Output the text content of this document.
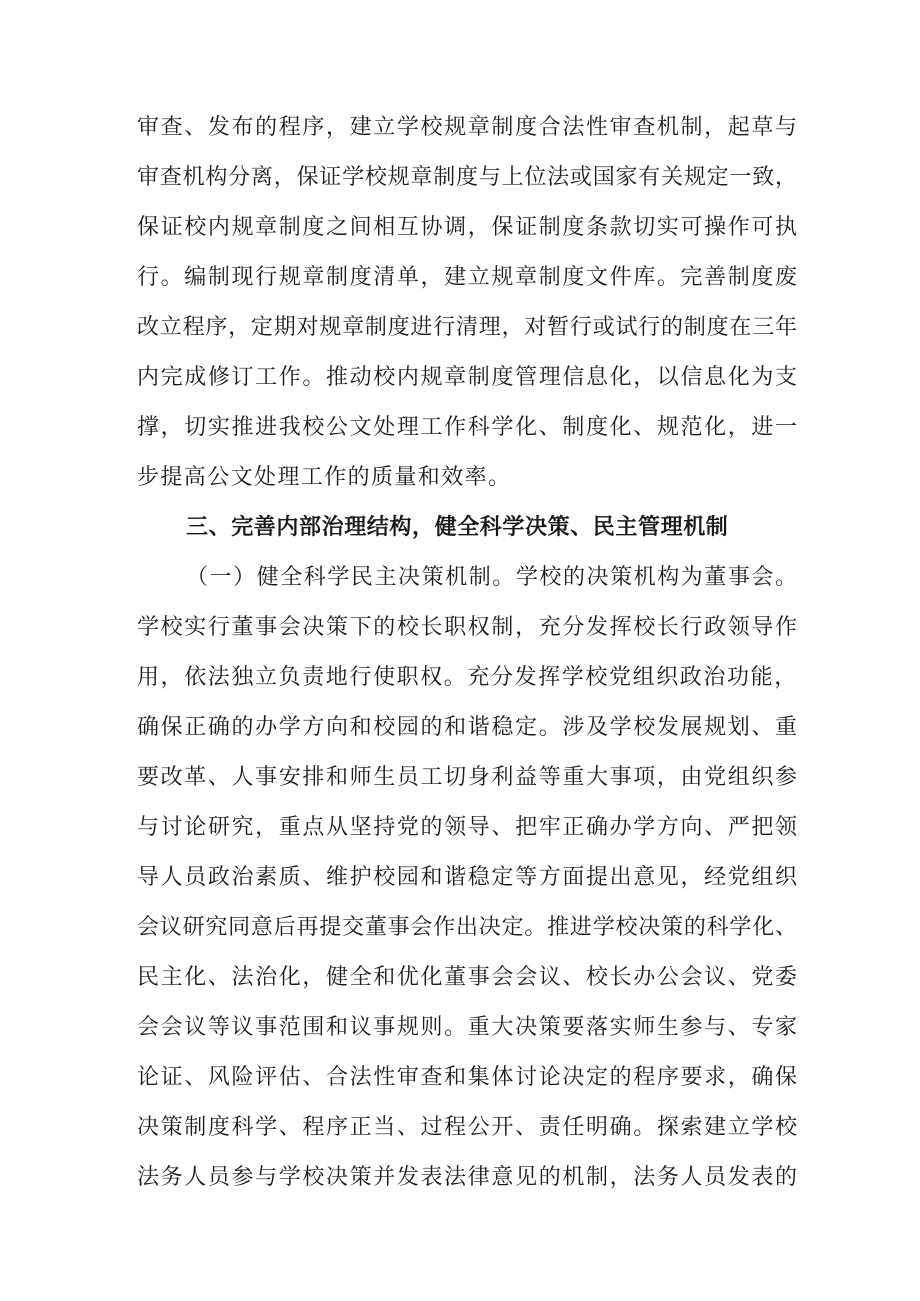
审查、发布的程序，建立学校规章制度合法性审查机制，起草与
审查机构分离，保证学校规章制度与上位法或国家有关规定一致，
保证校内规章制度之间相互协调，保证制度条款切实可操作可执
行。编制现行规章制度清单，建立规章制度文件库。完善制度废
改立程序，定期对规章制度进行清理，对暂行或试行的制度在三年
内完成修订工作。推动校内规章制度管理信息化，以信息化为支
撑，切实推进我校公文处理工作科学化、制度化、规范化，进一
步提高公文处理工作的质量和效率。
三、完善内部治理结构，健全科学决策、民主管理机制
（一）健全科学民主决策机制。学校的决策机构为董事会。
学校实行董事会决策下的校长职权制，充分发挥校长行政领导作
用，依法独立负责地行使职权。充分发挥学校党组织政治功能，
确保正确的办学方向和校园的和谐稳定。涉及学校发展规划、重
要改革、人事安排和师生员工切身利益等重大事项，由党组织参
与讨论研究，重点从坚持党的领导、把牢正确办学方向、严把领
导人员政治素质、维护校园和谐稳定等方面提出意见，经党组织
会议研究同意后再提交董事会作出决定。推进学校决策的科学化、
民主化、法治化，健全和优化董事会会议、校长办公会议、党委
会会议等议事范围和议事规则。重大决策要落实师生参与、专家
论证、风险评估、合法性审查和集体讨论决定的程序要求，确保
决策制度科学、程序正当、过程公开、责任明确。探索建立学校
法务人员参与学校决策并发表法律意见的机制，法务人员发表的
